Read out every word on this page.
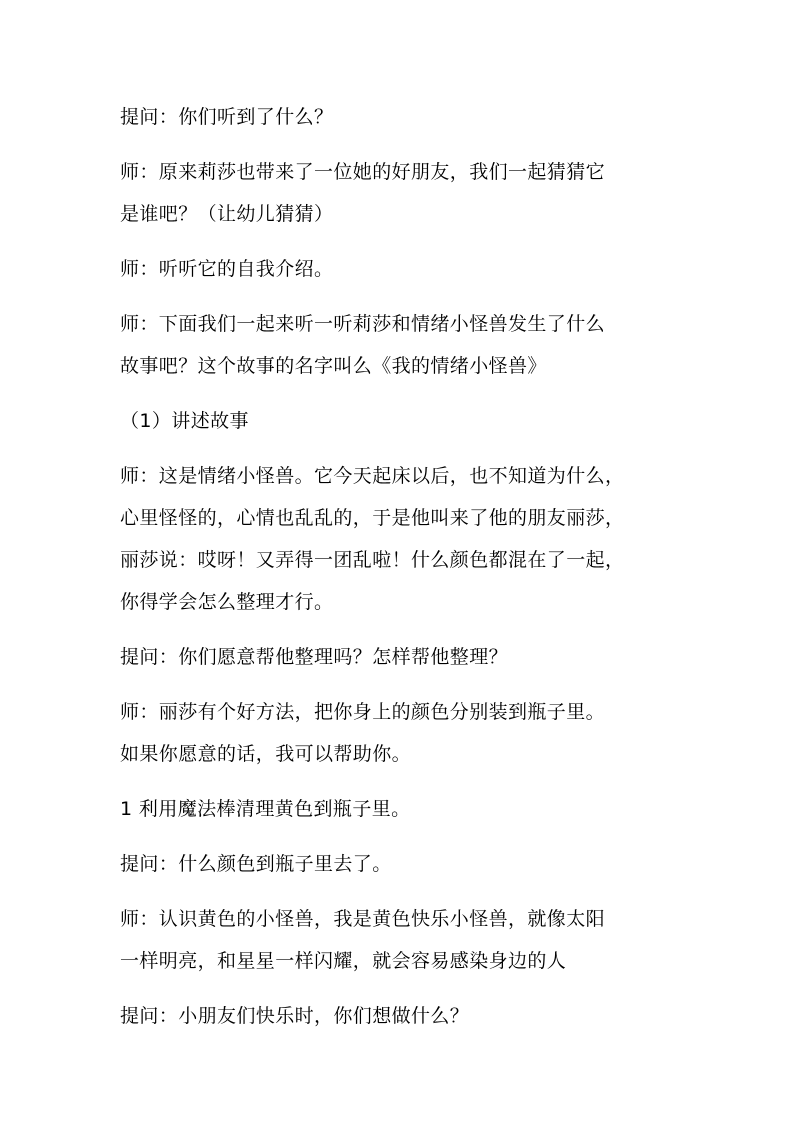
提问：你们听到了什么？
师：原来莉莎也带来了一位她的好朋友，我们一起猜猜它
是谁吧？（让幼儿猜猜）
师：听听它的自我介绍。
师：下面我们一起来听一听莉莎和情绪小怪兽发生了什么
故事吧？这个故事的名字叫么《我的情绪小怪兽》
（1）讲述故事
师：这是情绪小怪兽。它今天起床以后，也不知道为什么，
心里怪怪的，心情也乱乱的，于是他叫来了他的朋友丽莎，
丽莎说：哎呀！又弄得一团乱啦！什么颜色都混在了一起，
你得学会怎么整理才行。
提问：你们愿意帮他整理吗？怎样帮他整理？
师：丽莎有个好方法，把你身上的颜色分别装到瓶子里。
如果你愿意的话，我可以帮助你。
1 利用魔法棒清理黄色到瓶子里。
提问：什么颜色到瓶子里去了。
师：认识黄色的小怪兽，我是黄色快乐小怪兽，就像太阳
一样明亮，和星星一样闪耀，就会容易感染身边的人
提问：小朋友们快乐时，你们想做什么？
